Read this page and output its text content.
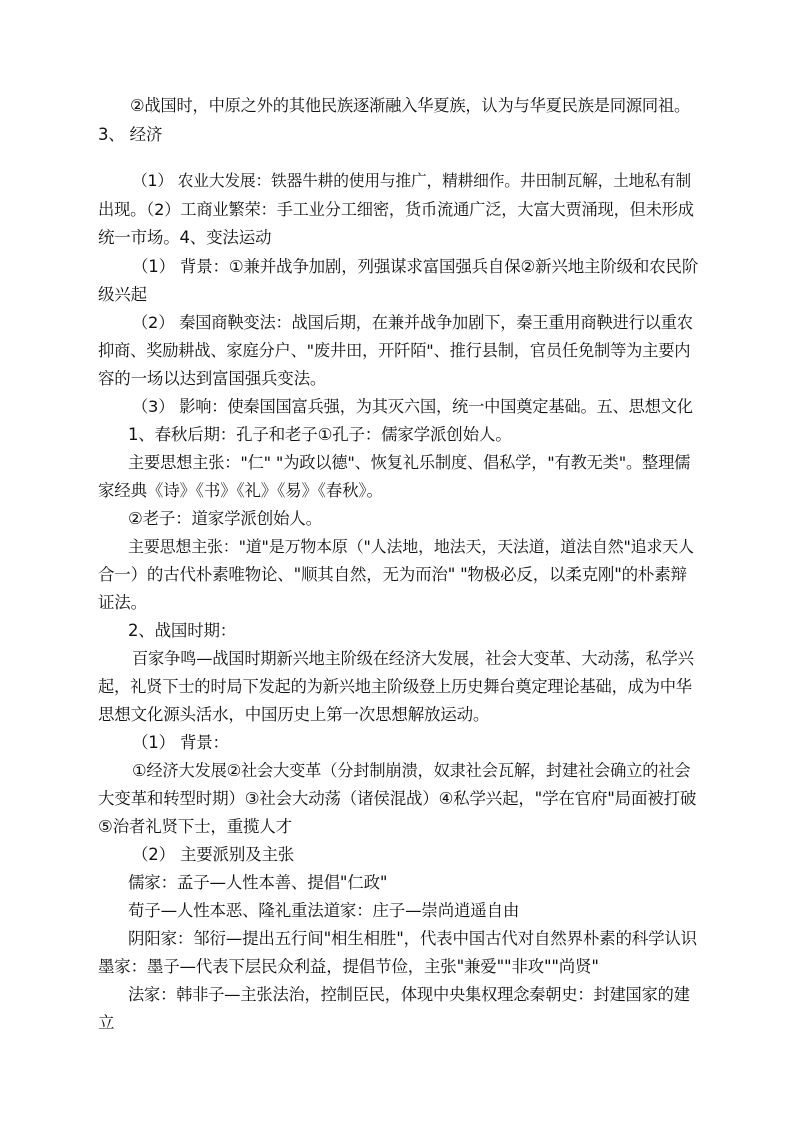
②战国时，中原之外的其他民族逐渐融入华夏族，认为与华夏民族是同源同祖。
3、 经济
（1） 农业大发展：铁器牛耕的使用与推广，精耕细作。井田制瓦解，土地私有制
出现。（2）工商业繁荣：手工业分工细密，货币流通广泛，大富大贾涌现，但未形成
统一市场。4、变法运动
（1） 背景：①兼并战争加剧，列强谋求富国强兵自保②新兴地主阶级和农民阶
级兴起
（2） 秦国商鞅变法：战国后期，在兼并战争加剧下，秦王重用商鞅进行以重农
抑商、奖励耕战、家庭分户、"废井田，开阡陌"、推行县制，官员任免制等为主要内
容的一场以达到富国强兵变法。
（3） 影响：使秦国国富兵强，为其灭六国，统一中国奠定基础。五、思想文化
1、春秋后期：孔子和老子①孔子：儒家学派创始人。
主要思想主张："仁" "为政以德"、恢复礼乐制度、倡私学，"有教无类"。整理儒
家经典《诗》《书》《礼》《易》《春秋》。
②老子：道家学派创始人。
主要思想主张："道"是万物本原（"人法地，地法天，天法道，道法自然"追求天人
合一）的古代朴素唯物论、"顺其自然，无为而治" "物极必反，以柔克刚"的朴素辩
证法。
2、战国时期：
百家争鸣—战国时期新兴地主阶级在经济大发展，社会大变革、大动荡，私学兴
起，礼贤下士的时局下发起的为新兴地主阶级登上历史舞台奠定理论基础，成为中华
思想文化源头活水，中国历史上第一次思想解放运动。
（1） 背景：
①经济大发展②社会大变革（分封制崩溃，奴隶社会瓦解，封建社会确立的社会
大变革和转型时期）③社会大动荡（诸侯混战）④私学兴起，"学在官府"局面被打破
⑤治者礼贤下士，重揽人才
（2） 主要派别及主张
儒家：孟子—人性本善、提倡"仁政"
荀子—人性本恶、隆礼重法道家：庄子—崇尚逍遥自由
阴阳家：邹衍—提出五行间"相生相胜"，代表中国古代对自然界朴素的科学认识
墨家：墨子—代表下层民众利益，提倡节俭，主张"兼爱""非攻""尚贤"
法家：韩非子—主张法治，控制臣民，体现中央集权理念秦朝史：封建国家的建
立
